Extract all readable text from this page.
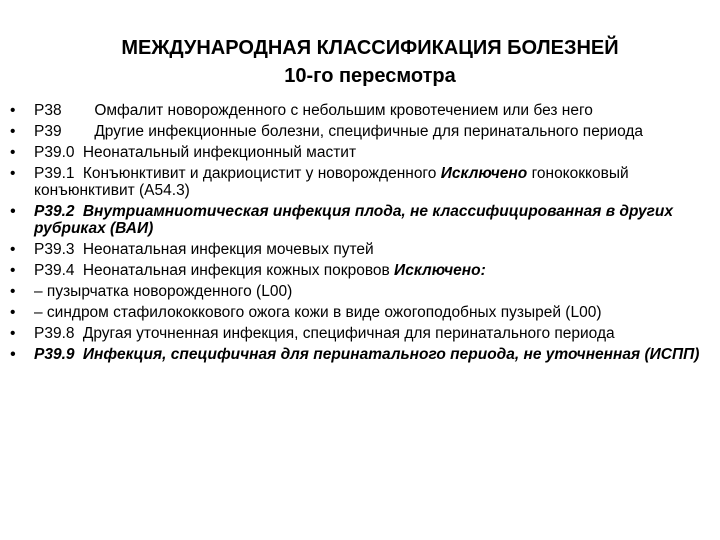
МЕЖДУНАРОДНАЯ КЛАССИФИКАЦИЯ БОЛЕЗНЕЙ
10-го пересмотра
• Р38 Омфалит новорожденного с небольшим кровотечением или без него
• Р39 Другие инфекционные болезни, специфичные для перинатального периода
• Р39.0 Неонатальный инфекционный мастит
• Р39.1 Конъюнктивит и дакриоцистит у новорожденного Исключено гонококковый конъюнктивит (А54.3)
• Р39.2 Внутриамниотическая инфекция плода, не классифицированная в других рубриках (ВАИ)
• Р39.3 Неонатальная инфекция мочевых путей
• Р39.4 Неонатальная инфекция кожных покровов Исключено:
• – пузырчатка новорожденного (L00)
• – синдром стафилококкового ожога кожи в виде ожогоподобных пузырей (L00)
• Р39.8 Другая уточненная инфекция, специфичная для перинатального периода
• Р39.9 Инфекция, специфичная для перинатального периода, не уточненная (ИСПП)
